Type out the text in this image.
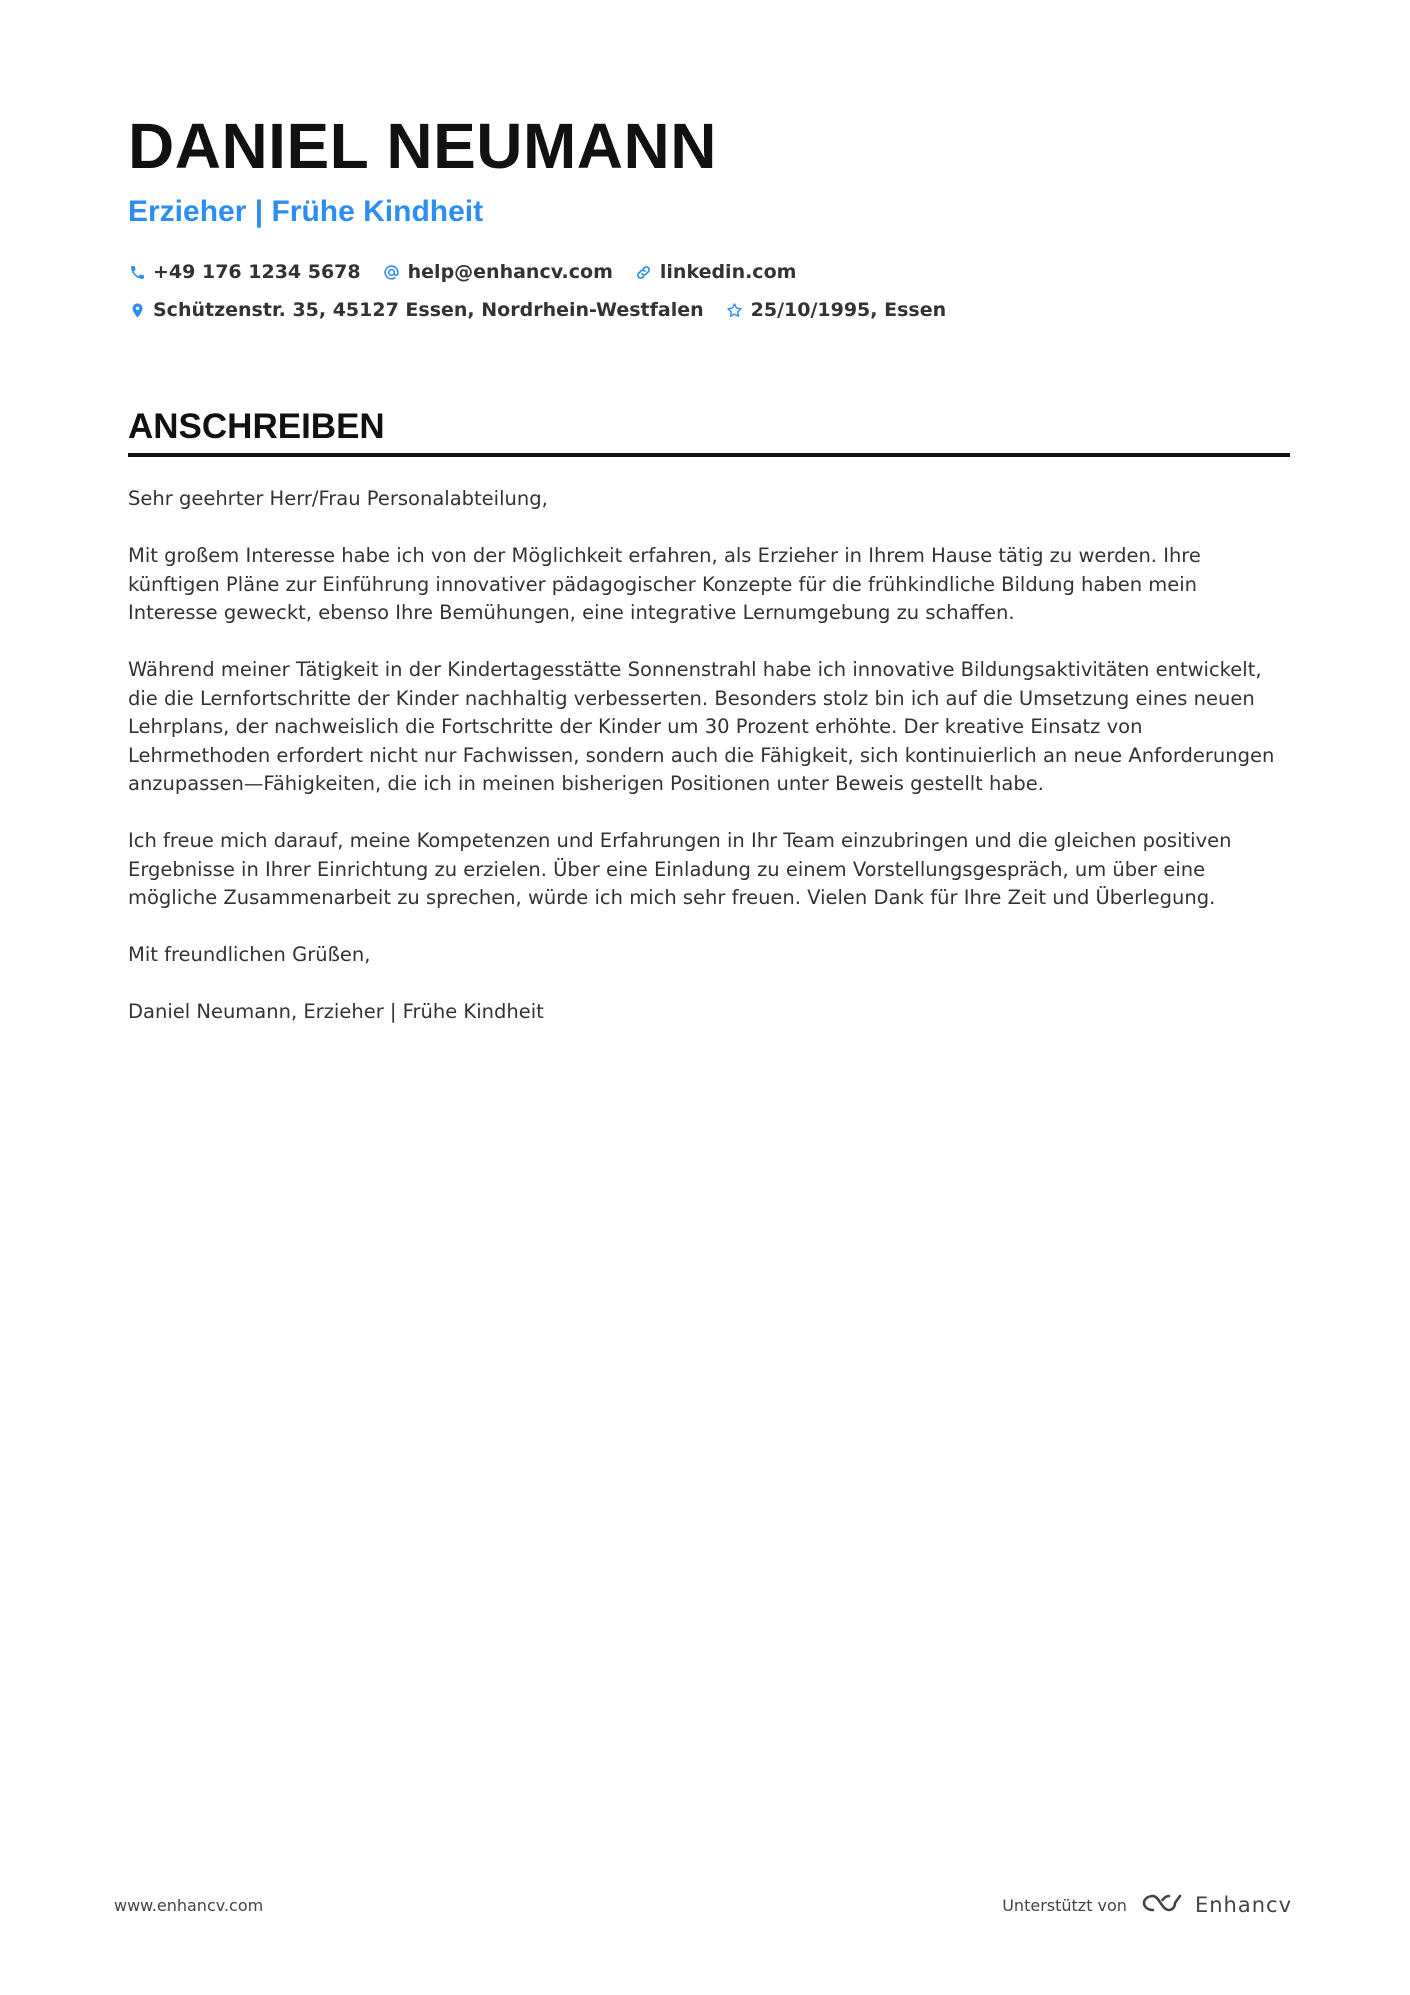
DANIEL NEUMANN
Erzieher | Frühe Kindheit
+49 176 1234 5678 help@enhancv.com linkedin.com
Schützenstr. 35, 45127 Essen, Nordrhein-Westfalen 25/10/1995, Essen
ANSCHREIBEN

Sehr geehrter Herr/Frau Personalabteilung,

Mit großem Interesse habe ich von der Möglichkeit erfahren, als Erzieher in Ihrem Hause tätig zu werden. Ihre künftigen Pläne zur Einführung innovativer pädagogischer Konzepte für die frühkindliche Bildung haben mein Interesse geweckt, ebenso Ihre Bemühungen, eine integrative Lernumgebung zu schaffen.

Während meiner Tätigkeit in der Kindertagesstätte Sonnenstrahl habe ich innovative Bildungsaktivitäten entwickelt, die die Lernfortschritte der Kinder nachhaltig verbesserten. Besonders stolz bin ich auf die Umsetzung eines neuen Lehrplans, der nachweislich die Fortschritte der Kinder um 30 Prozent erhöhte. Der kreative Einsatz von Lehrmethoden erfordert nicht nur Fachwissen, sondern auch die Fähigkeit, sich kontinuierlich an neue Anforderungen anzupassen—Fähigkeiten, die ich in meinen bisherigen Positionen unter Beweis gestellt habe.

Ich freue mich darauf, meine Kompetenzen und Erfahrungen in Ihr Team einzubringen und die gleichen positiven Ergebnisse in Ihrer Einrichtung zu erzielen. Über eine Einladung zu einem Vorstellungsgespräch, um über eine mögliche Zusammenarbeit zu sprechen, würde ich mich sehr freuen. Vielen Dank für Ihre Zeit und Überlegung.

Mit freundlichen Grüßen,

Daniel Neumann, Erzieher | Frühe Kindheit

www.enhancv.com	Unterstützt von	Enhancv
